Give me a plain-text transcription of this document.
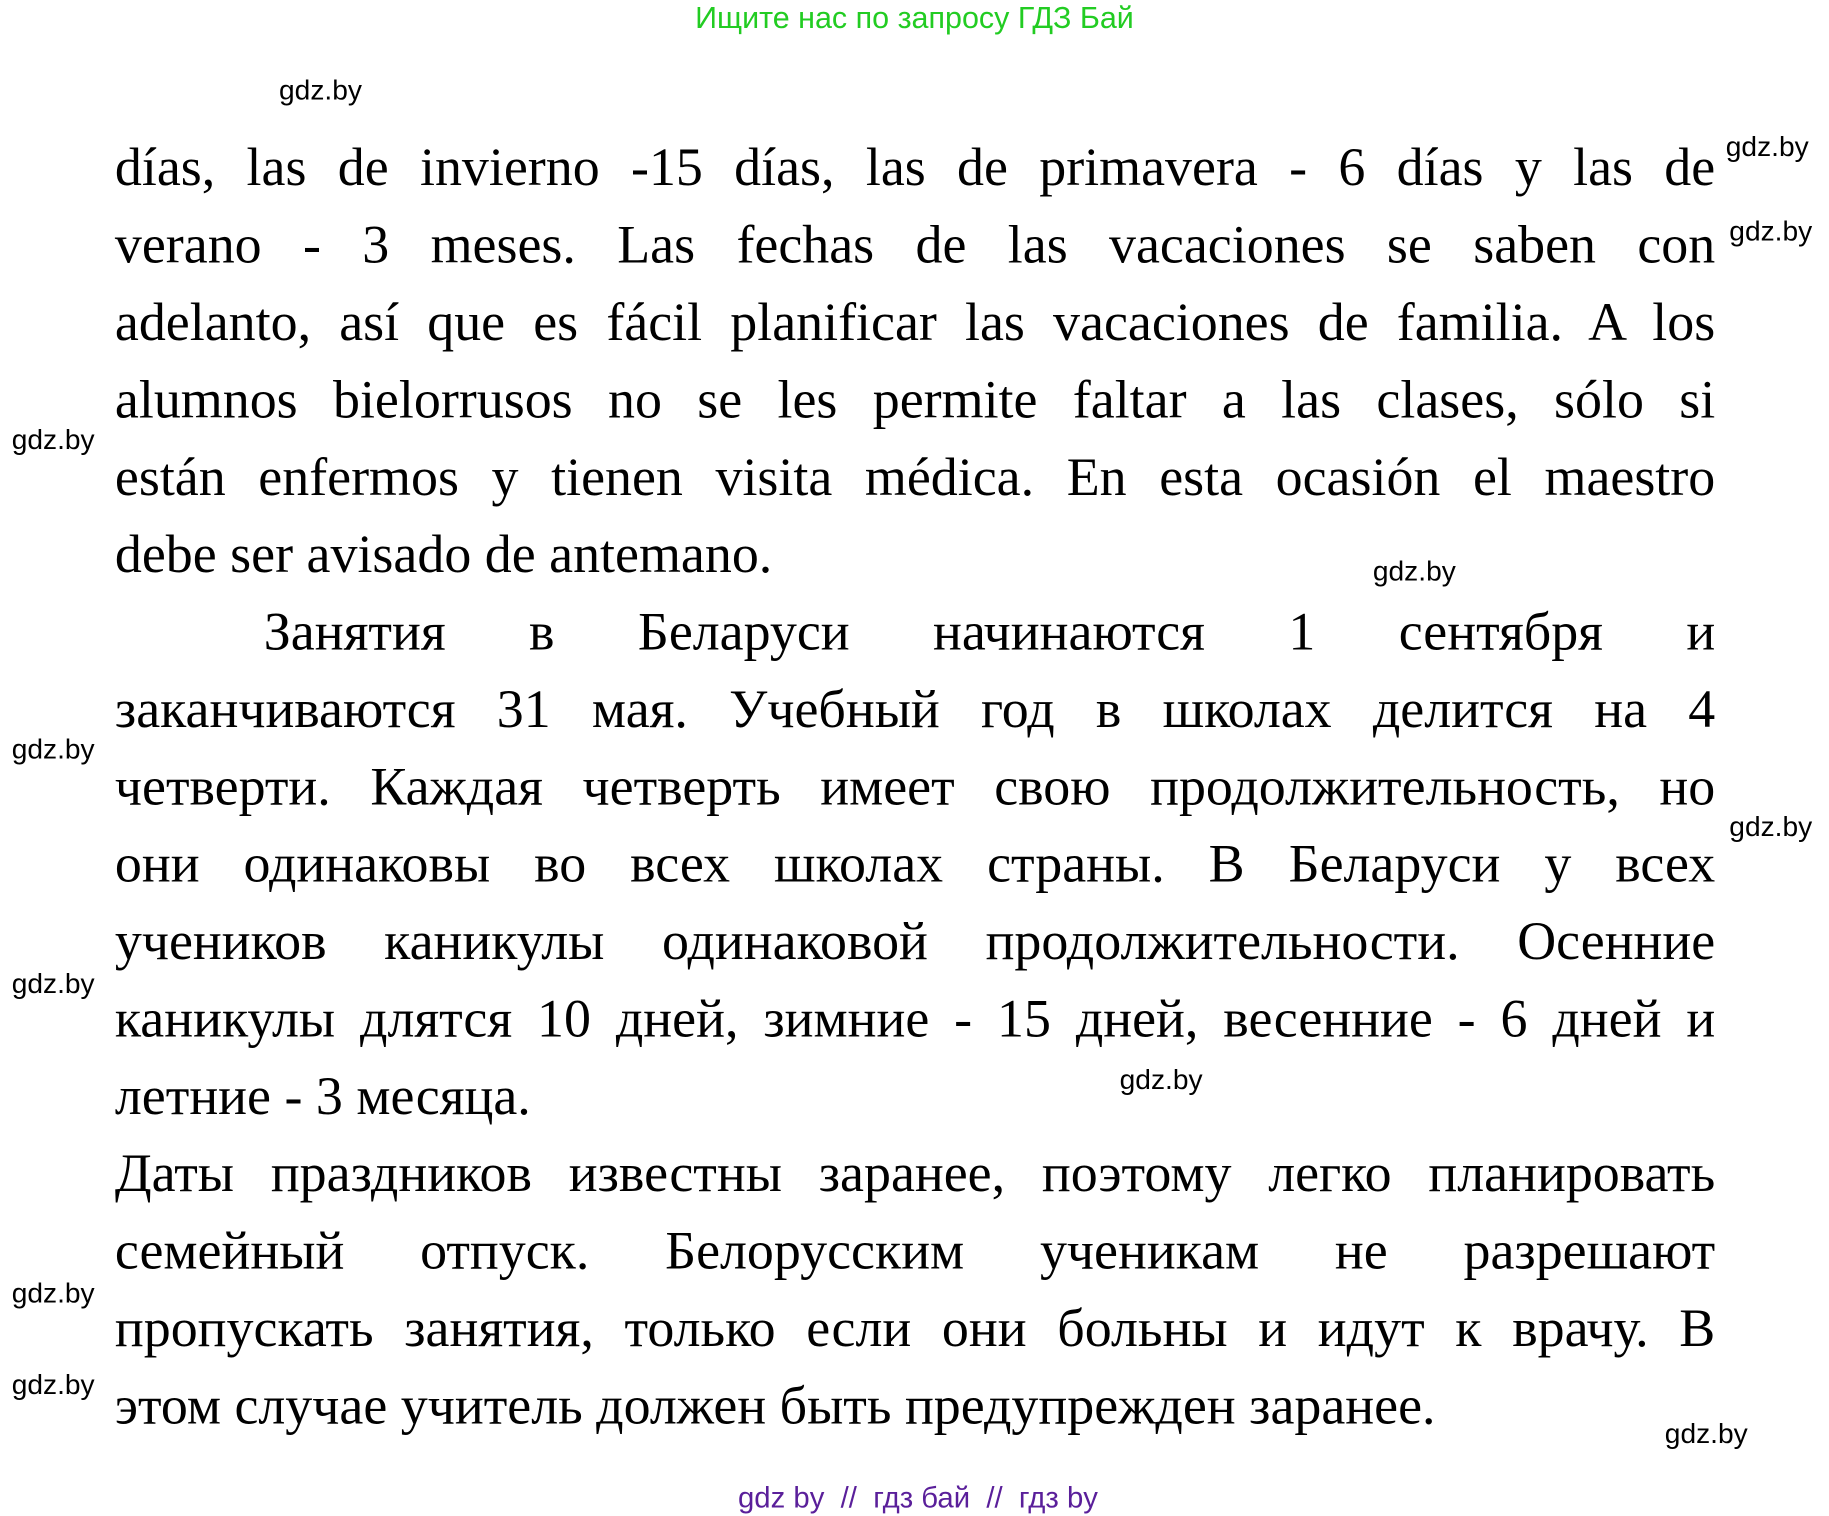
Ищите нас по запросу ГДЗ Бай
días, las de invierno -15 días, las de primavera - 6 días y las de
verano - 3 meses. Las fechas de las vacaciones se saben con
adelanto, así que es fácil planificar las vacaciones de familia. A los
alumnos bielorrusos no se les permite faltar a las clases, sólo si
están enfermos y tienen visita médica. En esta ocasión el maestro
debe ser avisado de antemano.
Занятия в Беларуси начинаются 1 сентября и
заканчиваются 31 мая. Учебный год в школах делится на 4
четверти. Каждая четверть имеет свою продолжительность, но
они одинаковы во всех школах страны. В Беларуси у всех
учеников каникулы одинаковой продолжительности. Осенние
каникулы длятся 10 дней, зимние - 15 дней, весенние - 6 дней и
летние - 3 месяца.
Даты праздников известны заранее, поэтому легко планировать
семейный отпуск. Белорусским ученикам не разрешают
пропускать занятия, только если они больны и идут к врачу. В
этом случае учитель должен быть предупрежден заранее.
gdz.by
gdz.by
gdz.by
gdz.by
gdz.by
gdz.by
gdz.by
gdz.by
gdz.by
gdz.by
gdz.by
gdz.by
gdz by  //  гдз бай  //  гдз by
